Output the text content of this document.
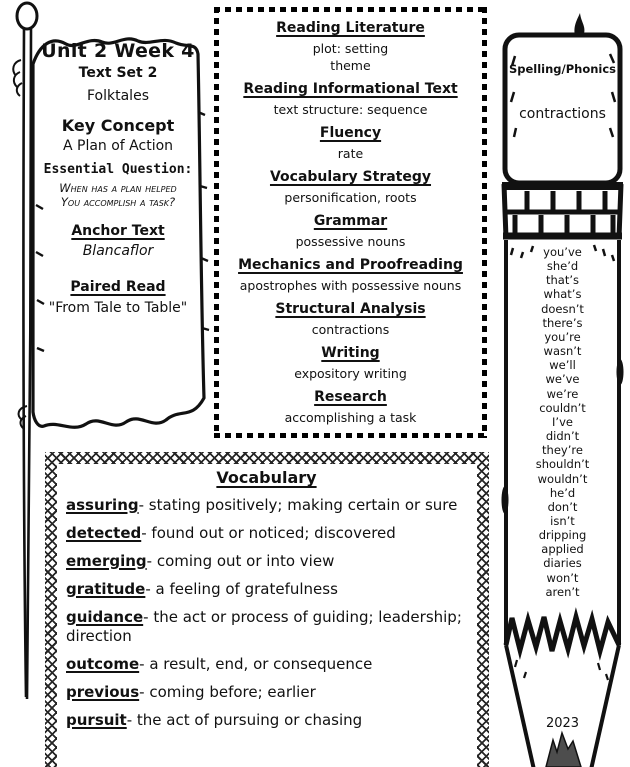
Unit 2 Week 4
Text Set 2
Folktales
Key Concept
A Plan of Action
Essential Question:
When has a plan helped
You accomplish a task?
Anchor Text
Blancaflor
Paired Read
"From Tale to Table"
Reading Literature
plot: setting
theme
Reading Informational Text
text structure: sequence
Fluency
rate
Vocabulary Strategy
personification, roots
Grammar
possessive nouns
Mechanics and Proofreading
apostrophes with possessive nouns
Structural Analysis
contractions
Writing
expository writing
Research
accomplishing a task
Spelling/Phonics
contractions
you’ve
she’d
that’s
what’s
doesn’t
there’s
you’re
wasn’t
we’ll
we’ve
we’re
couldn’t
I’ve
didn’t
they’re
shouldn’t
wouldn’t
he’d
don’t
isn’t
dripping
applied
diaries
won’t
aren’t
2023
Vocabulary
assuring- stating positively; making certain or sure
detected- found out or noticed; discovered
emerging- coming out or into view
gratitude- a feeling of gratefulness
guidance- the act or process of guiding; leadership; direction
outcome- a result, end, or consequence
previous- coming before; earlier
pursuit- the act of pursuing or chasing
